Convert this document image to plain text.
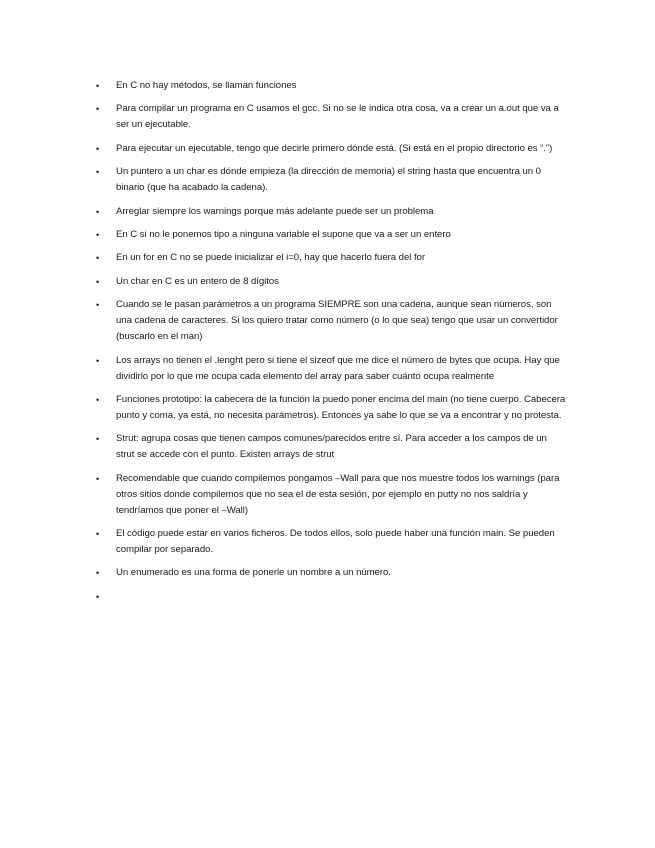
•	En C no hay métodos, se llaman funciones
•	Para compilar un programa en C usamos el gcc. Si no se le indica otra cosa, va a crear un a.out que va a ser un ejecutable.
•	Para ejecutar un ejecutable, tengo que decirle primero dónde está. (Si está en el propio directorio es “.”)
•	Un puntero a un char es dónde empieza (la dirección de memoria) el string hasta que encuentra un 0 binario (que ha acabado la cadena).
•	Arreglar siempre los warnings porque más adelante puede ser un problema
•	En C si no le ponemos tipo a ninguna variable el supone que va a ser un entero
•	En un for en C no se puede inicializar el i=0, hay que hacerlo fuera del for
•	Un char en C es un entero de 8 dígitos
•	Cuando se le pasan parámetros a un programa SIEMPRE son una cadena, aunque sean números, son una cadena de caracteres. Si los quiero tratar como número (o lo que sea) tengo que usar un convertidor (buscarlo en el man)
•	Los arrays no tienen el .lenght pero si tiene el sizeof que me dice el número de bytes que ocupa. Hay que dividirlo por lo que me ocupa cada elemento del array para saber cuánto ocupa realmente
•	Funciones prototipo: la cabecera de la función la puedo poner encima del main (no tiene cuerpo. Cabecera punto y coma, ya está, no necesita parámetros). Entonces ya sabe lo que se va a encontrar y no protesta.
•	Strut: agrupa cosas que tienen campos comunes/parecidos entre sí. Para acceder a los campos de un strut se accede con el punto. Existen arrays de strut
•	Recomendable que cuando compilemos pongamos –Wall para que nos muestre todos los warnings (para otros sitios donde compilemos que no sea el de esta sesión, por ejemplo en putty no nos saldría y tendríamos que poner el –Wall)
•	El código puede estar en varios ficheros. De todos ellos, solo puede haber una función main. Se pueden compilar por separado.
•	Un enumerado es una forma de ponerle un nombre a un número.
•
